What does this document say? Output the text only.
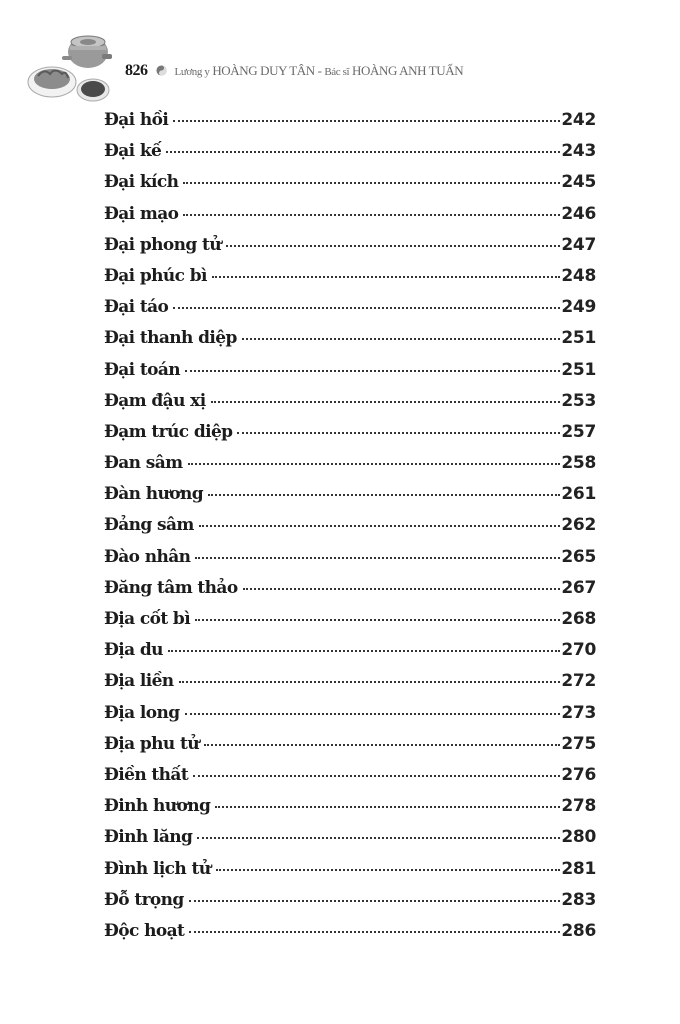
826 Lương y HOÀNG DUY TÂN - Bác sĩ HOÀNG ANH TUẤN
Đại hồi	242
Đại kế	243
Đại kích	245
Đại mạo	246
Đại phong tử	247
Đại phúc bì	248
Đại táo	249
Đại thanh diệp	251
Đại toán	251
Đạm đậu xị	253
Đạm trúc diệp	257
Đan sâm	258
Đàn hương	261
Đảng sâm	262
Đào nhân	265
Đăng tâm thảo	267
Địa cốt bì	268
Địa du	270
Địa liền	272
Địa long	273
Địa phu tử	275
Điền thất	276
Đinh hương	278
Đinh lăng	280
Đình lịch tử	281
Đỗ trọng	283
Độc hoạt	286
